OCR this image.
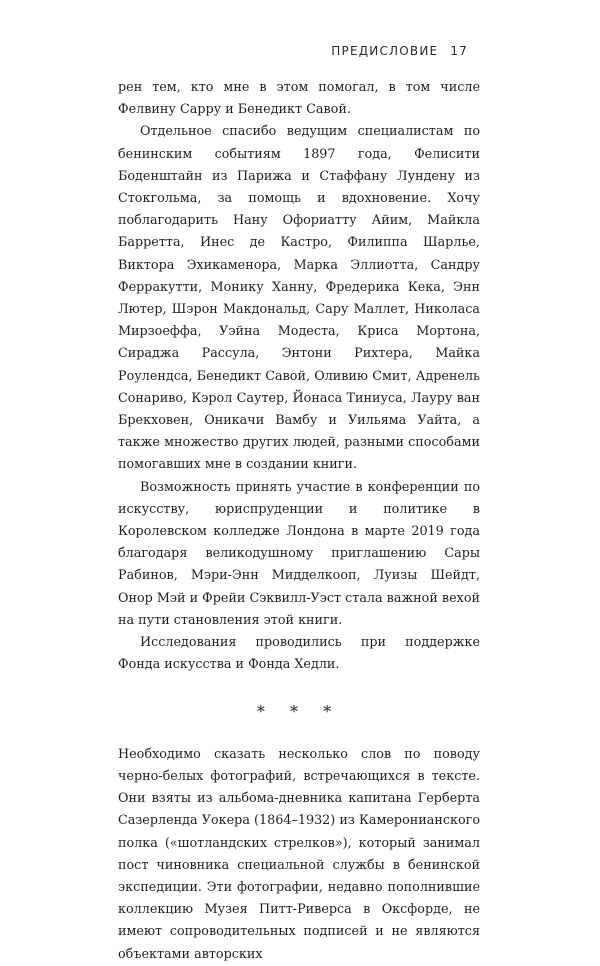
ПРЕДИСЛОВИЕ 17

рен тем, кто мне в этом помогал, в том числе Фелвину Сарру и Бенедикт Савой.

Отдельное спасибо ведущим специалистам по бенинским событиям 1897 года, Фелисити Боденштайн из Парижа и Стаффану Лундену из Стокгольма, за помощь и вдохновение. Хочу поблагодарить Нану Офориатту Айим, Майкла Барретта, Инес де Кастро, Филиппа Шарлье, Виктора Эхикаменора, Марка Эллиотта, Сандру Ферракутти, Монику Ханну, Фредерика Кека, Энн Лютер, Шэрон Макдональд, Сару Маллет, Николаса Мирзоеффа, Уэйна Модеста, Криса Мортона, Сираджа Рассула, Энтони Рихтера, Майка Роулендса, Бенедикт Савой, Оливию Смит, Адренель Сонариво, Кэрол Саутер, Йонаса Тиниуса, Лауру ван Брекховен, Оникачи Вамбу и Уильяма Уайта, а также множество других людей, разными способами помогавших мне в создании книги.

Возможность принять участие в конференции по искусству, юриспруденции и политике в Королевском колледже Лондона в марте 2019 года благодаря великодушному приглашению Сары Рабинов, Мэри-Энн Мидделкооп, Луизы Шейдт, Онор Мэй и Фрейи Сэквилл-Уэст стала важной вехой на пути становления этой книги.

Исследования проводились при поддержке Фонда искусства и Фонда Хедли.

* * *

Необходимо сказать несколько слов по поводу черно-белых фотографий, встречающихся в тексте. Они взяты из альбома-дневника капитана Герберта Сазерленда Уокера (1864–1932) из Камеронианского полка («шотландских стрелков»), который занимал пост чиновника специальной службы в бенинской экспедиции. Эти фотографии, недавно пополнившие коллекцию Музея Питт-Риверса в Оксфорде, не имеют сопроводительных подписей и не являются объектами авторских
